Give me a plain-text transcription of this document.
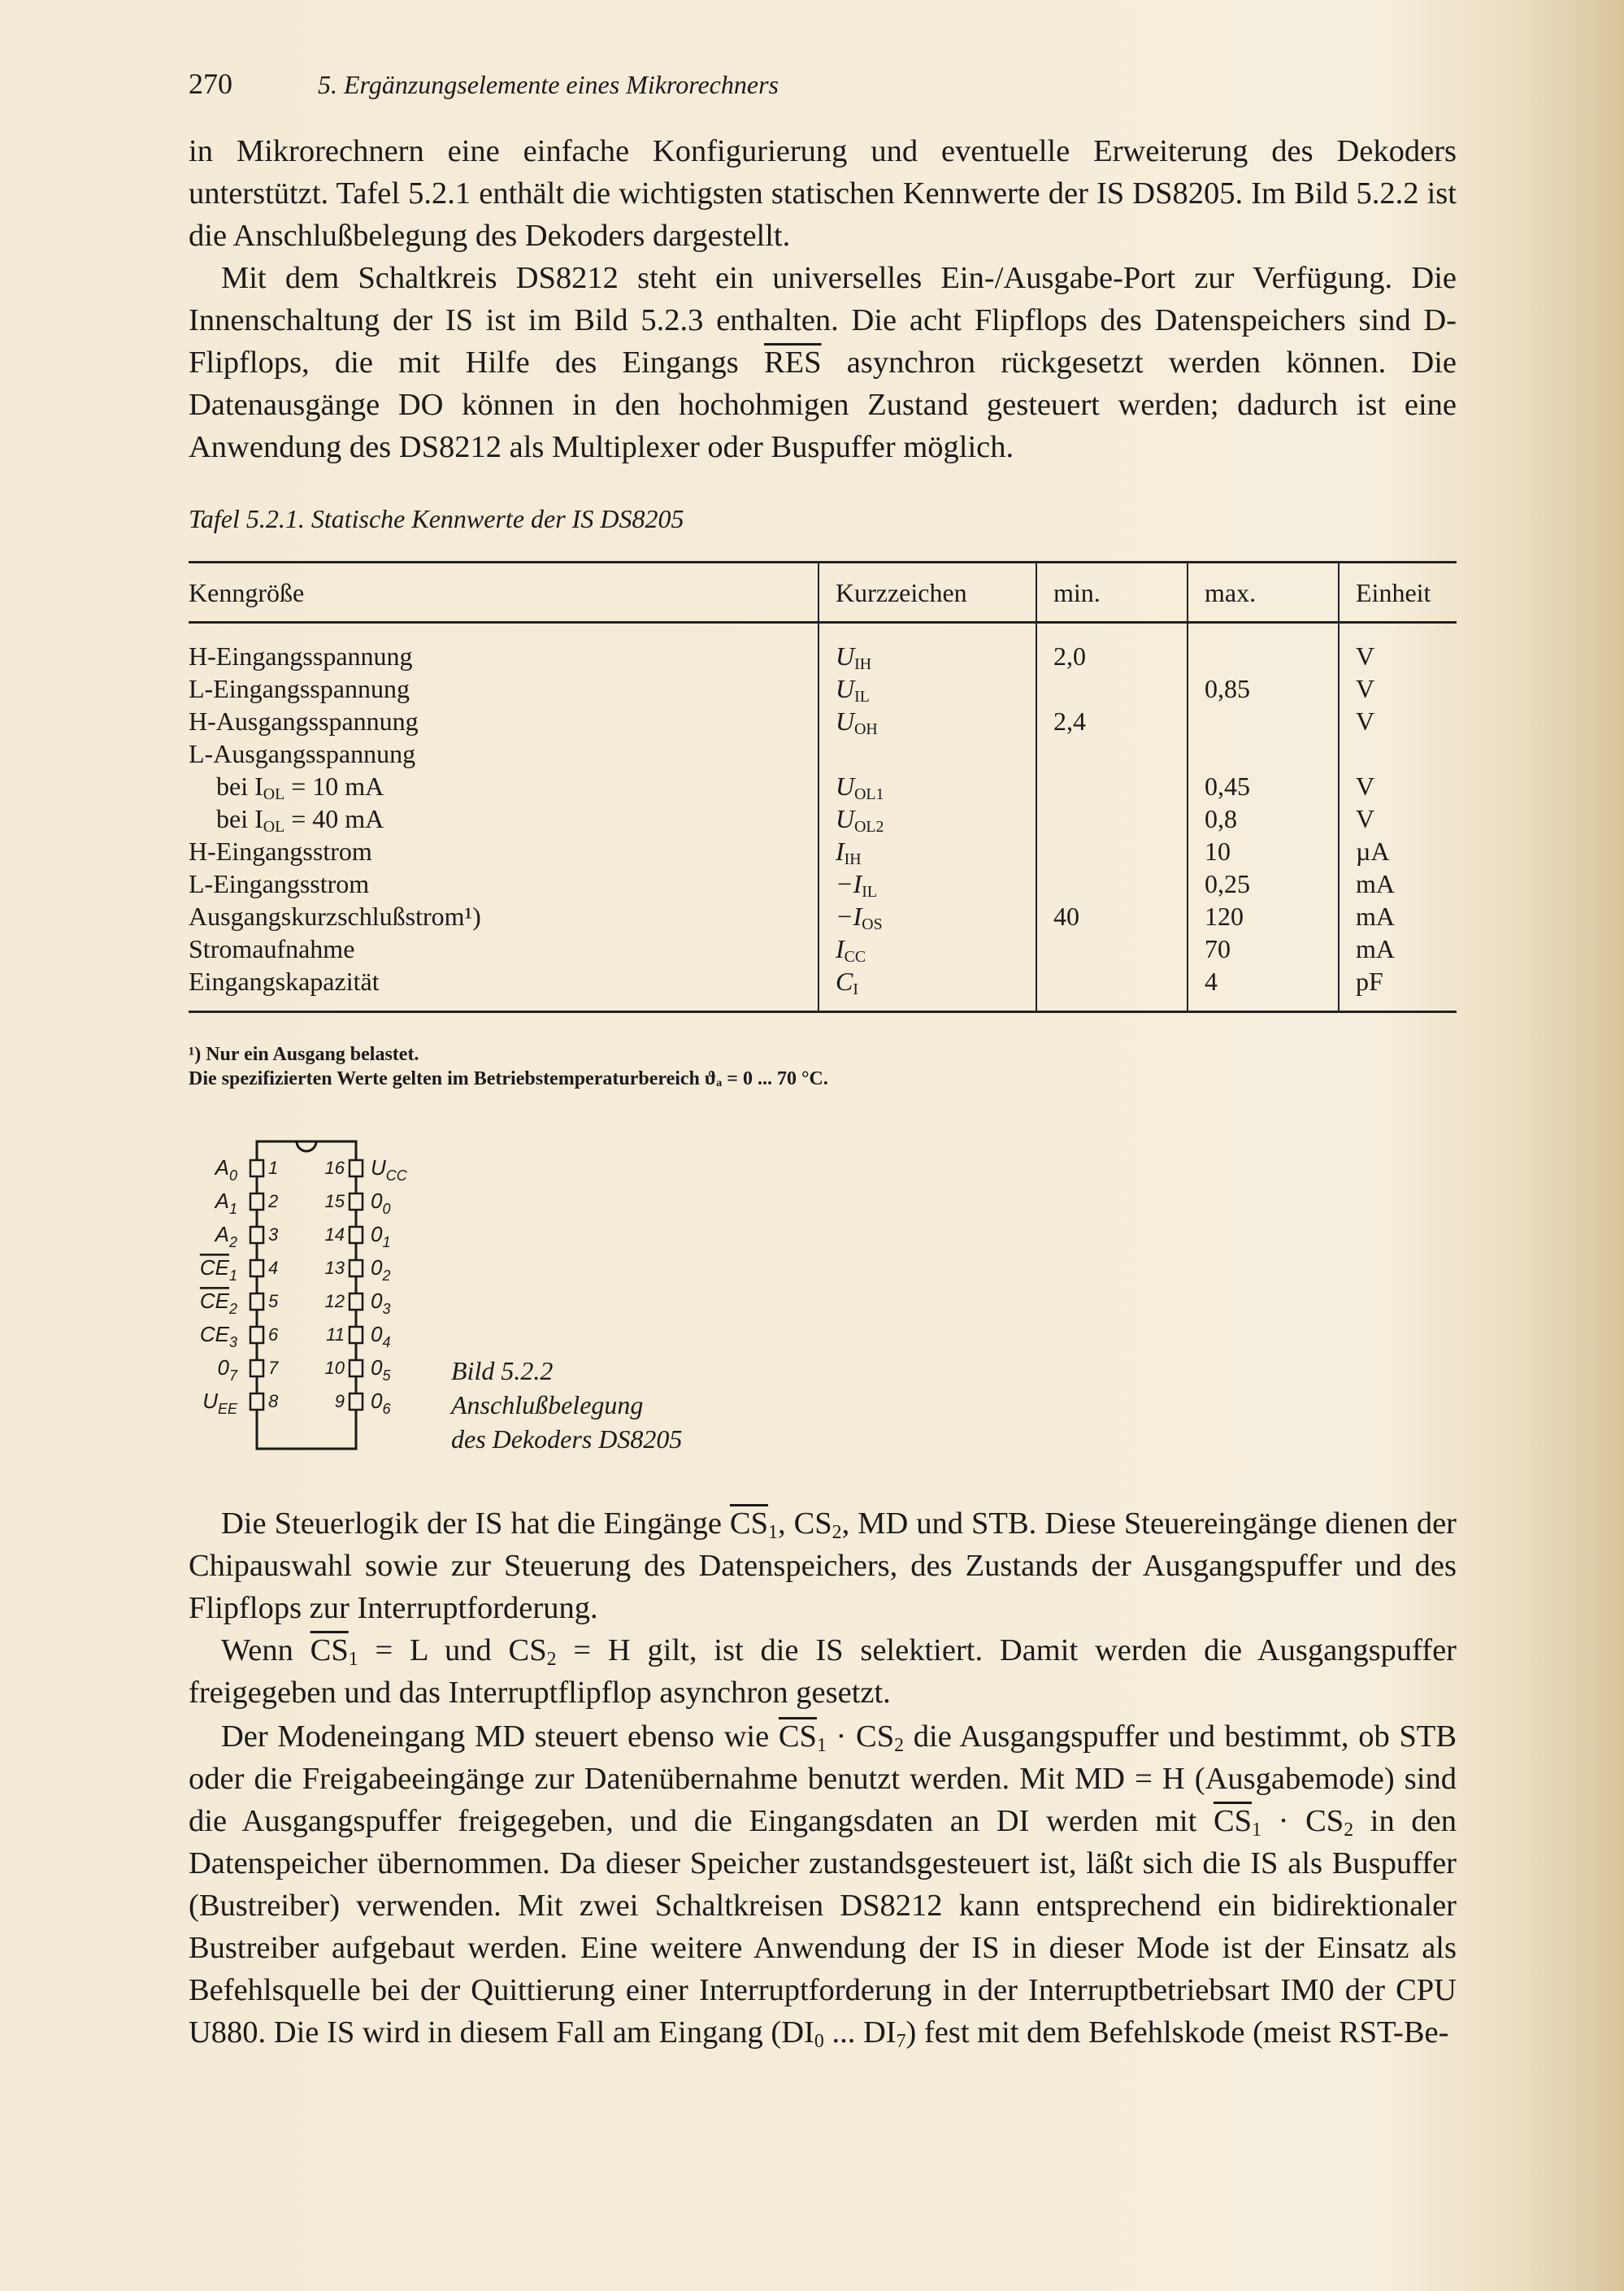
270	5. Ergänzungselemente eines Mikrorechners

in Mikrorechnern eine einfache Konfigurierung und eventuelle Erweiterung des Dekoders unterstützt. Tafel 5.2.1 enthält die wichtigsten statischen Kennwerte der IS DS8205. Im Bild 5.2.2 ist die Anschlußbelegung des Dekoders dargestellt.

Mit dem Schaltkreis DS8212 steht ein universelles Ein-/Ausgabe-Port zur Verfügung. Die Innenschaltung der IS ist im Bild 5.2.3 enthalten. Die acht Flipflops des Datenspeichers sind D-Flipflops, die mit Hilfe des Eingangs $\overline{RES}$ asynchron rückgesetzt werden können. Die Datenausgänge DO können in den hochohmigen Zustand gesteuert werden; dadurch ist eine Anwendung des DS8212 als Multiplexer oder Buspuffer möglich.

Tafel 5.2.1. Statische Kennwerte der IS DS8205
Kenngröße	Kurzzeichen	min.	max.	Einheit
H-Eingangsspannung	$U_{IH}$	2,0		V
L-Eingangsspannung	$U_{IL}$		0,85	V
H-Ausgangsspannung	$U_{OH}$	2,4		V
L-Ausgangsspannung				
bei $I_{OL} = 10$ mA	$U_{OL1}$		0,45	V
bei $I_{OL} = 40$ mA	$U_{OL2}$		0,8	V
H-Eingangsstrom	$I_{IH}$		10	µA
L-Eingangsstrom	$-I_{IL}$		0,25	mA
Ausgangskurzschlußstrom¹)	$-I_{OS}$	40	120	mA
Stromaufnahme	$I_{CC}$		70	mA
Eingangskapazität	$C_I$		4	pF
¹) Nur ein Ausgang belastet.
Die spezifizierten Werte gelten im Betriebstemperaturbereich ϑₐ = 0 ... 70 °C.
1
$A_0$
2
$A_1$
3
$A_2$
4
$CE_1$
5
$CE_2$
6
$CE_3$
7
$0_7$
8
$U_{EE}$
16 $U_{CC}$
15 $0_0$
14 $0_1$
13 $0_2$
12 $0_3$
11 $0_4$
10 $0_5$
9 $0_6$
Bild 5.2.2
Anschlußbelegung
des Dekoders DS8205

Die Steuerlogik der IS hat die Eingänge $\overline{CS}_1$, $CS_2$, MD und STB. Diese Steuereingänge dienen der Chipauswahl sowie zur Steuerung des Datenspeichers, des Zustands der Ausgangspuffer und des Flipflops zur Interruptforderung.

Wenn $\overline{CS}_1 = L$ und $CS_2 = H$ gilt, ist die IS selektiert. Damit werden die Ausgangspuffer freigegeben und das Interruptflipflop asynchron gesetzt.

Der Modeneingang MD steuert ebenso wie $\overline{CS}_1 \cdot CS_2$ die Ausgangspuffer und bestimmt, ob STB oder die Freigabeeingänge zur Datenübernahme benutzt werden. Mit MD = H (Ausgabemode) sind die Ausgangspuffer freigegeben, und die Eingangsdaten an DI werden mit $\overline{CS}_1 \cdot CS_2$ in den Datenspeicher übernommen. Da dieser Speicher zustandsgesteuert ist, läßt sich die IS als Buspuffer (Bustreiber) verwenden. Mit zwei Schaltkreisen DS8212 kann entsprechend ein bidirektionaler Bustreiber aufgebaut werden. Eine weitere Anwendung der IS in dieser Mode ist der Einsatz als Befehlsquelle bei der Quittierung einer Interruptforderung in der Interruptbetriebsart IM0 der CPU U880. Die IS wird in diesem Fall am Eingang ($DI_0$ ... $DI_7$) fest mit dem Befehlskode (meist RST-Be-
